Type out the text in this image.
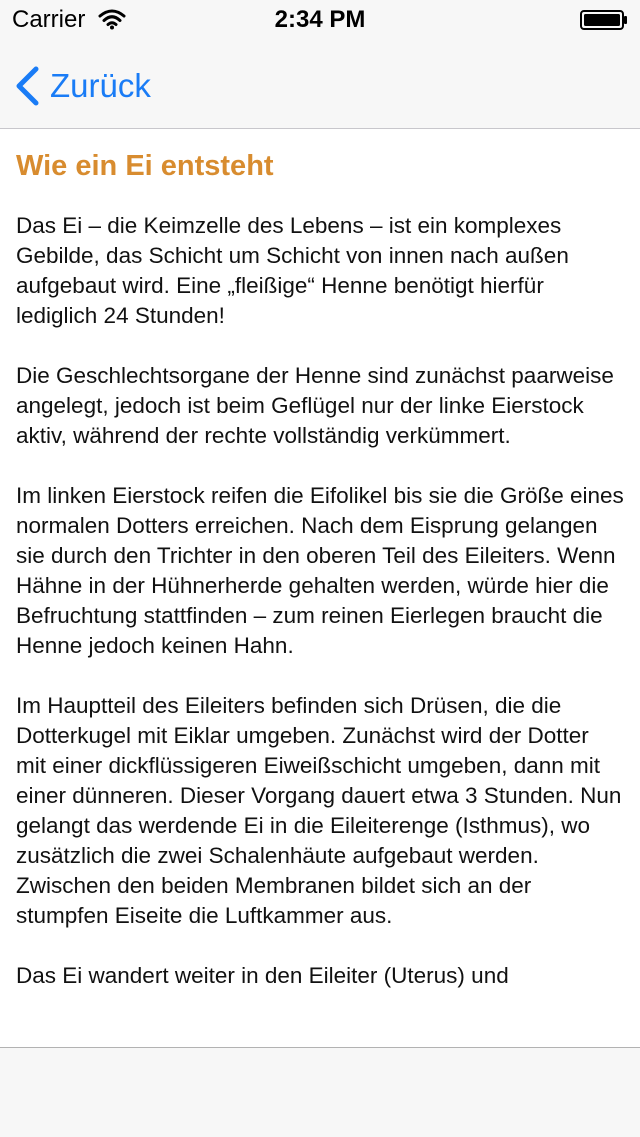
Carrier	2:34 PM
Zurück
Wie ein Ei entsteht

Das Ei – die Keimzelle des Lebens – ist ein komplexes Gebilde, das Schicht um Schicht von innen nach außen aufgebaut wird. Eine „fleißige“ Henne benötigt hierfür lediglich 24 Stunden!

Die Geschlechtsorgane der Henne sind zunächst paarweise angelegt, jedoch ist beim Geflügel nur der linke Eierstock aktiv, während der rechte vollständig verkümmert.

Im linken Eierstock reifen die Eifolikel bis sie die Größe eines normalen Dotters erreichen. Nach dem Eisprung gelangen sie durch den Trichter in den oberen Teil des Eileiters. Wenn Hähne in der Hühnerherde gehalten werden, würde hier die Befruchtung stattfinden – zum reinen Eierlegen braucht die Henne jedoch keinen Hahn.

Im Hauptteil des Eileiters befinden sich Drüsen, die die Dotterkugel mit Eiklar umgeben. Zunächst wird der Dotter mit einer dickflüssigeren Eiweißschicht umgeben, dann mit einer dünneren. Dieser Vorgang dauert etwa 3 Stunden. Nun gelangt das werdende Ei in die Eileiterenge (Isthmus), wo zusätzlich die zwei Schalenhäute aufgebaut werden. Zwischen den beiden Membranen bildet sich an der stumpfen Eiseite die Luftkammer aus.

Das Ei wandert weiter in den Eileiter (Uterus) und
